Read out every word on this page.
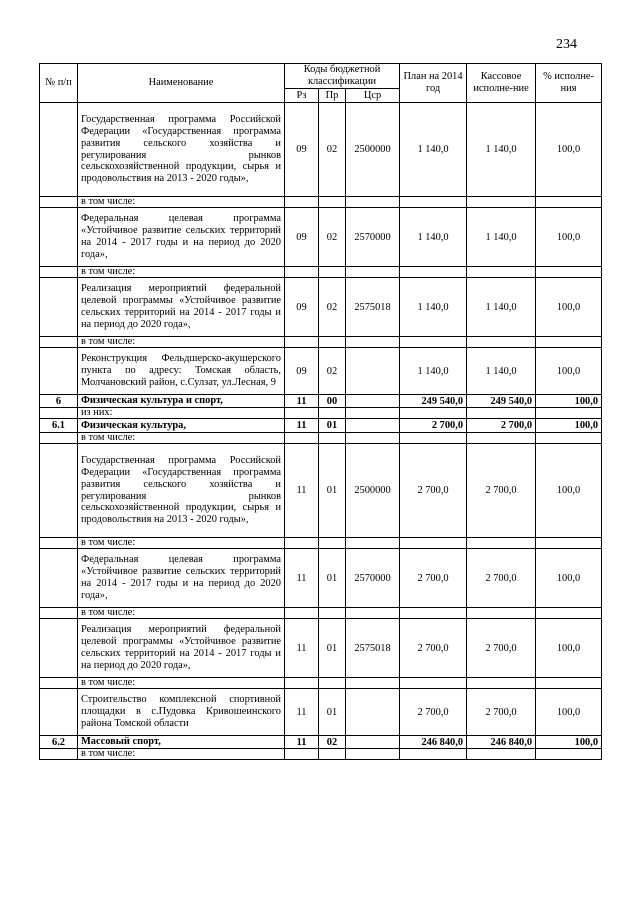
234
№ п/п	Наименование	Коды бюджетной классификации			План на 2014 год	Кассовое исполне-ние	% исполне-ния
		Рз	Пр	Цср			
	Государственная программа Российской Федерации «Государственная программа развития сельского хозяйства и регулирования рынков сельскохозяйственной продукции, сырья и продовольствия на 2013 - 2020 годы»,	09	02	2500000	1 140,0	1 140,0	100,0
	в том числе:						
	Федеральная целевая программа «Устойчивое развитие сельских территорий на 2014 - 2017 годы и на период до 2020 года»,	09	02	2570000	1 140,0	1 140,0	100,0
	в том числе:						
	Реализация мероприятий федеральной целевой программы «Устойчивое развитие сельских территорий на 2014 - 2017 годы и на период до 2020 года»,	09	02	2575018	1 140,0	1 140,0	100,0
	в том числе:						
	Реконструкция Фельдшерско-акушерского пункта по адресу: Томская область, Молчановский район, с.Сулзат, ул.Лесная, 9	09	02		1 140,0	1 140,0	100,0
6	Физическая культура и спорт,	11	00		249 540,0	249 540,0	100,0
	из них:						
6.1	Физическая культура,	11	01		2 700,0	2 700,0	100,0
	в том числе:						
	Государственная программа Российской Федерации «Государственная программа развития сельского хозяйства и регулирования рынков сельскохозяйственной продукции, сырья и продовольствия на 2013 - 2020 годы»,	11	01	2500000	2 700,0	2 700,0	100,0
	в том числе:						
	Федеральная целевая программа «Устойчивое развитие сельских территорий на 2014 - 2017 годы и на период до 2020 года»,	11	01	2570000	2 700,0	2 700,0	100,0
	в том числе:						
	Реализация мероприятий федеральной целевой программы «Устойчивое развитие сельских территорий на 2014 - 2017 годы и на период до 2020 года»,	11	01	2575018	2 700,0	2 700,0	100,0
	в том числе:						
	Строительство комплексной спортивной площадки в с.Пудовка Кривошеинского района Томской области	11	01		2 700,0	2 700,0	100,0
6.2	Массовый спорт,	11	02		246 840,0	246 840,0	100,0
	в том числе:						
